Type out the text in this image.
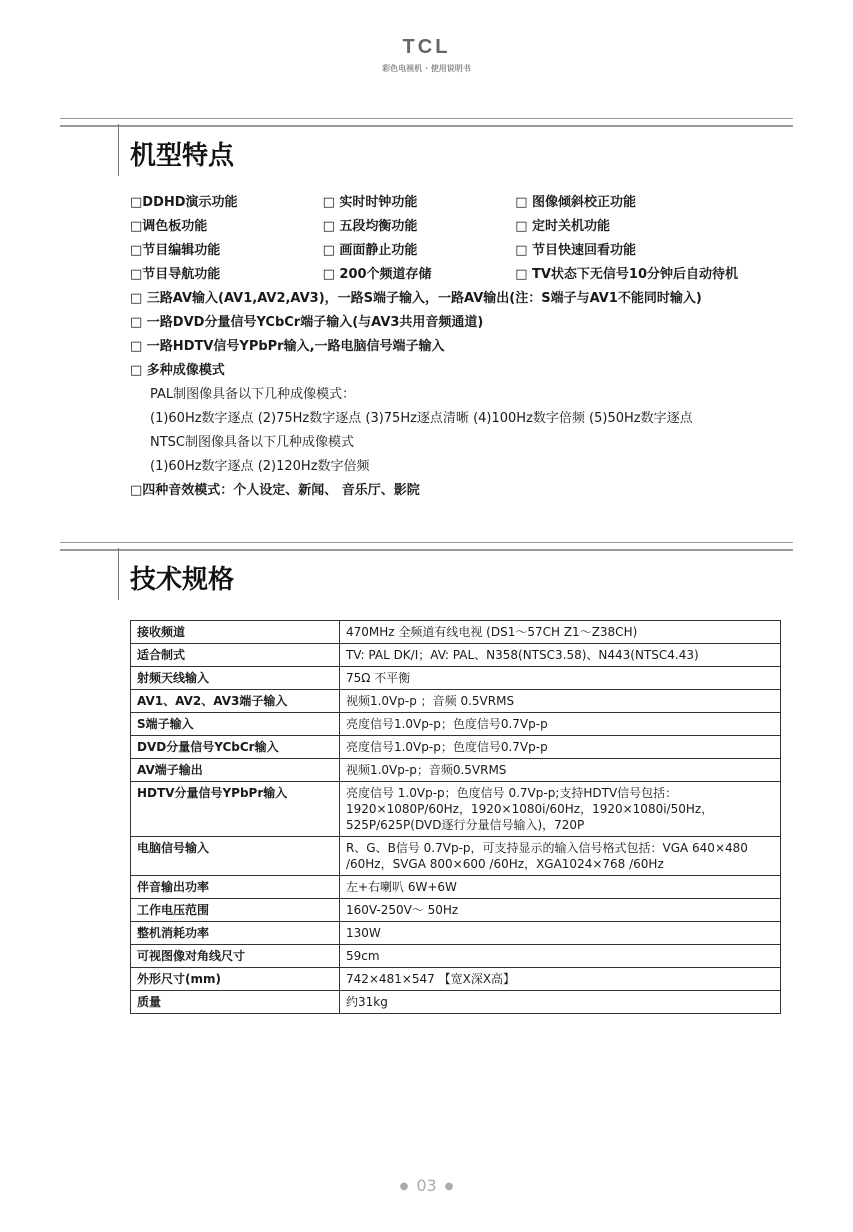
TCL
彩色电视机 · 使用说明书
机型特点
□DDHD演示功能	□ 实时时钟功能	□ 图像倾斜校正功能
□调色板功能	□ 五段均衡功能	□ 定时关机功能
□节目编辑功能	□ 画面静止功能	□ 节目快速回看功能
□节目导航功能	□ 200个频道存储	□ TV状态下无信号10分钟后自动待机
□ 三路AV输入(AV1,AV2,AV3)，一路S端子输入，一路AV输出(注：S端子与AV1不能同时输入)
□ 一路DVD分量信号YCbCr端子输入(与AV3共用音频通道)
□ 一路HDTV信号YPbPr输入,一路电脑信号端子输入
□ 多种成像模式
PAL制图像具备以下几种成像模式：
(1)60Hz数字逐点 (2)75Hz数字逐点 (3)75Hz逐点清晰 (4)100Hz数字倍频 (5)50Hz数字逐点
NTSC制图像具备以下几种成像模式
(1)60Hz数字逐点 (2)120Hz数字倍频
□四种音效模式：个人设定、新闻、 音乐厅、影院
技术规格
接收频道	470MHz 全频道有线电视 (DS1～57CH Z1～Z38CH)
适合制式	TV: PAL DK/I；AV: PAL、N358(NTSC3.58)、N443(NTSC4.43)
射频天线输入	75Ω 不平衡
AV1、AV2、AV3端子输入	视频1.0Vp-p ；音频 0.5VRMS
S端子输入	亮度信号1.0Vp-p；色度信号0.7Vp-p
DVD分量信号YCbCr输入	亮度信号1.0Vp-p；色度信号0.7Vp-p
AV端子输出	视频1.0Vp-p；音频0.5VRMS
HDTV分量信号YPbPr输入	亮度信号 1.0Vp-p；色度信号 0.7Vp-p;支持HDTV信号包括：1920×1080P/60Hz，1920×1080i/60Hz，1920×1080i/50Hz，525P/625P(DVD逐行分量信号输入)，720P
电脑信号输入	R、G、B信号 0.7Vp-p，可支持显示的输入信号格式包括：VGA 640×480 /60Hz，SVGA 800×600 /60Hz，XGA1024×768 /60Hz
伴音输出功率	左+右喇叭 6W+6W
工作电压范围	160V-250V～ 50Hz
整机消耗功率	130W
可视图像对角线尺寸	59cm
外形尺寸(mm)	742×481×547 【宽X深X高】
质量	约31kg
● 03 ●
